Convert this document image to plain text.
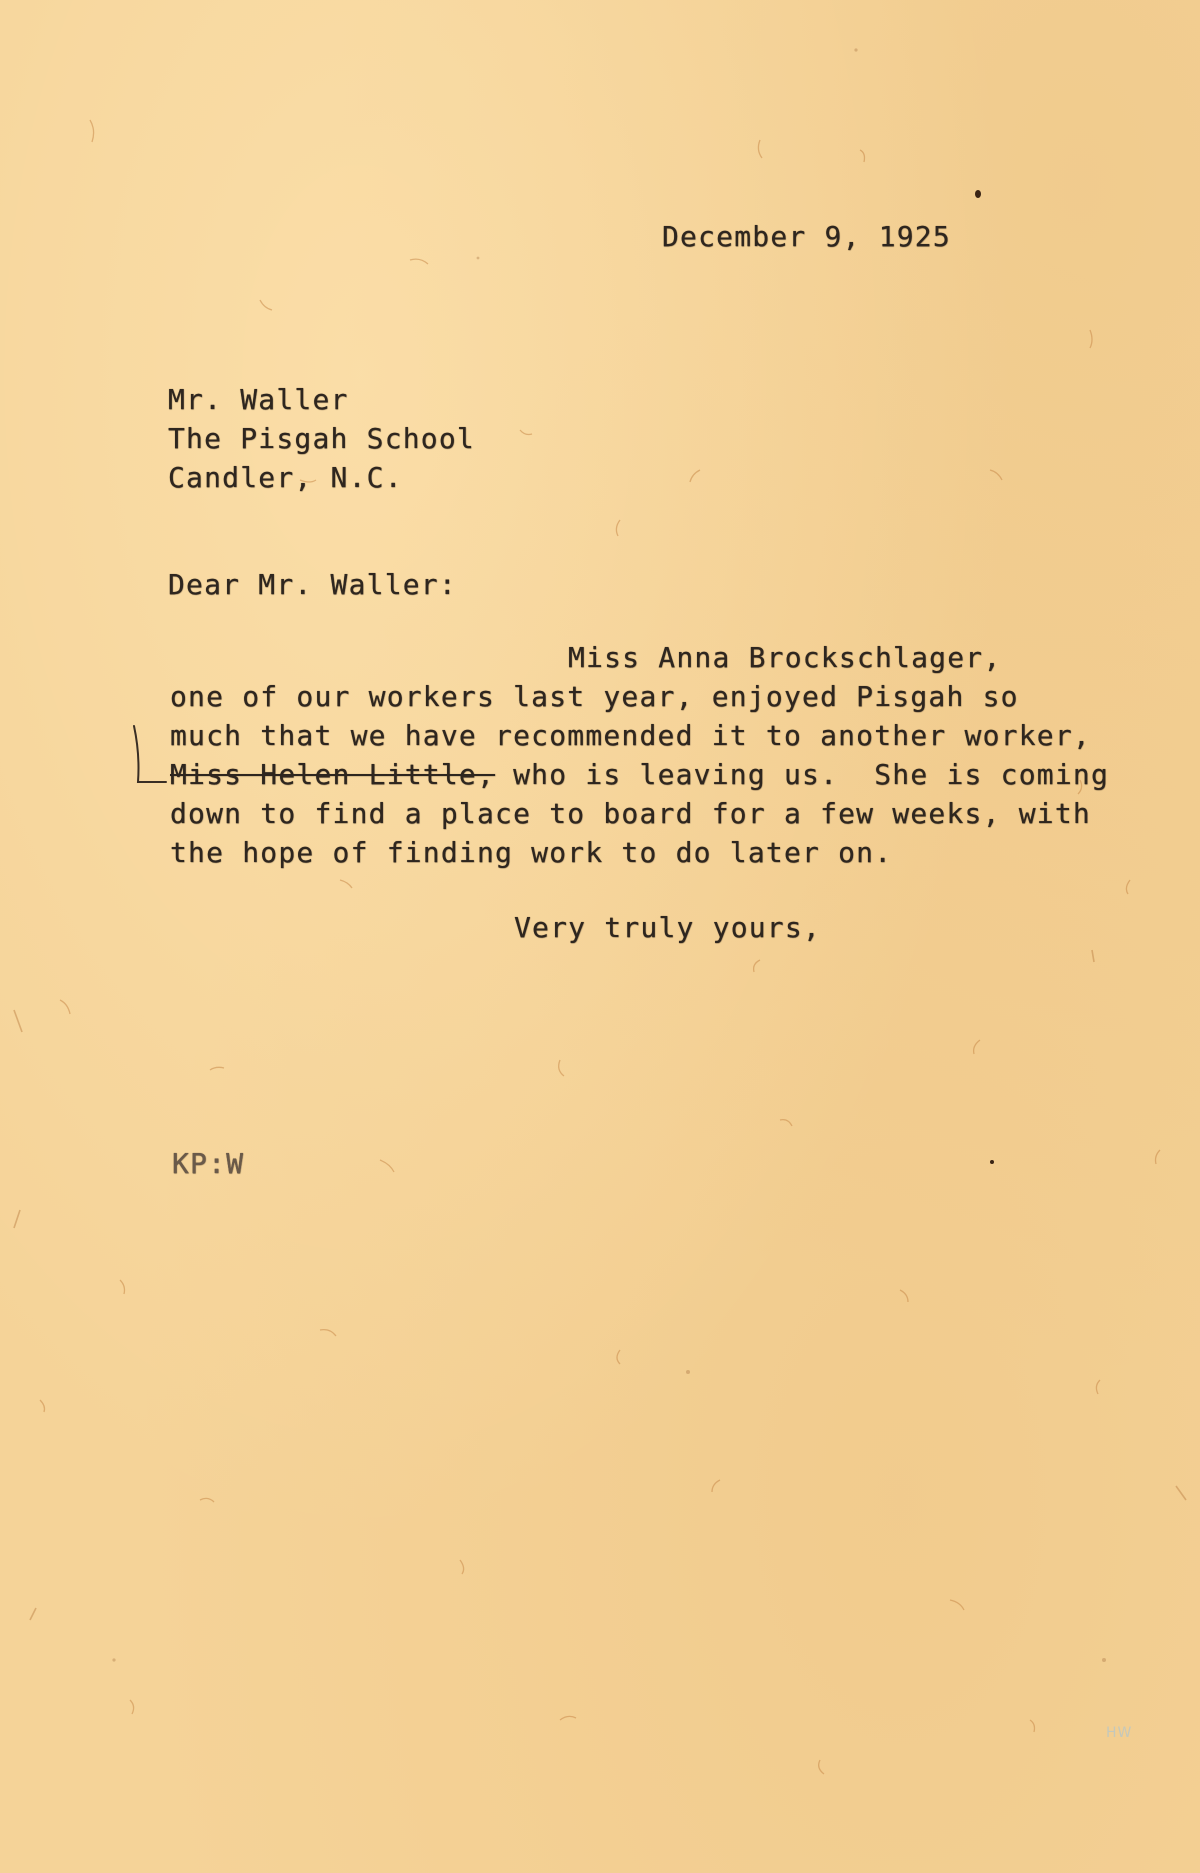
December 9, 1925
Mr. Waller
The Pisgah School
Candler, N.C.
Dear Mr. Waller:
Miss Anna Brockschlager,
one of our workers last year, enjoyed Pisgah so
much that we have recommended it to another worker,
Miss Helen Little, who is leaving us.  She is coming
down to find a place to board for a few weeks, with
the hope of finding work to do later on.
Very truly yours,
KP:W
HW
